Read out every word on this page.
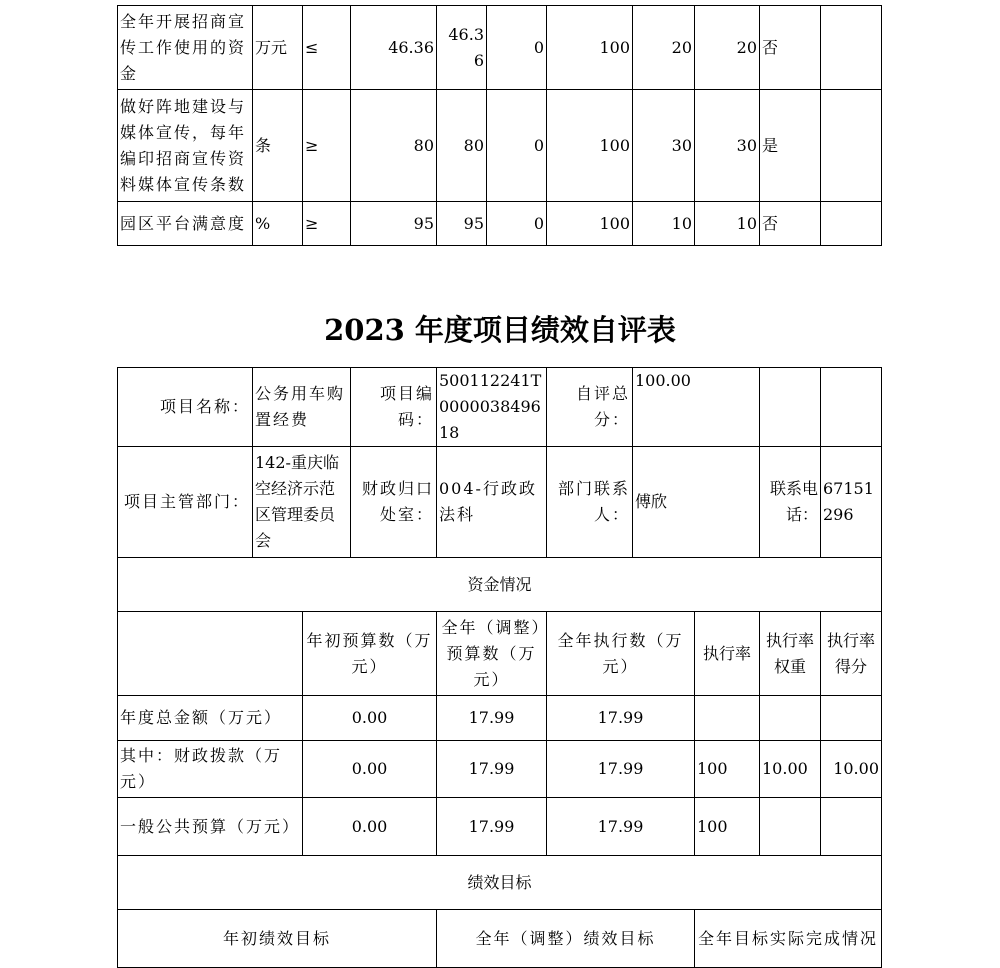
全年开展招商宣传工作使用的资金	万元	≤	46.36	46.36	0	100	20	20	否	
做好阵地建设与媒体宣传，每年编印招商宣传资料媒体宣传条数	条	≥	80	80	0	100	30	30	是	
园区平台满意度	%	≥	95	95	0	100	10	10	否	
2023 年度项目绩效自评表
项目名称：	公务用车购置经费		项目编码：	500112241T000003849618	自评总分：	100.00			
项目主管部门：	142-重庆临空经济示范区管理委员会		财政归口处室：	004-行政政法科	部门联系人：	傅欣		联系电话：	67151296
资金情况									
		年初预算数（万元）		全年（调整）预算数（万元）	全年执行数（万元）		执行率	执行率权重	执行率得分
年度总金额（万元）		0.00		17.99	17.99				
其中：财政拨款（万元）		0.00		17.99	17.99		100	10.00	10.00
一般公共预算（万元）		0.00		17.99	17.99		100		
绩效目标									
年初绩效目标				全年（调整）绩效目标			全年目标实际完成情况		
